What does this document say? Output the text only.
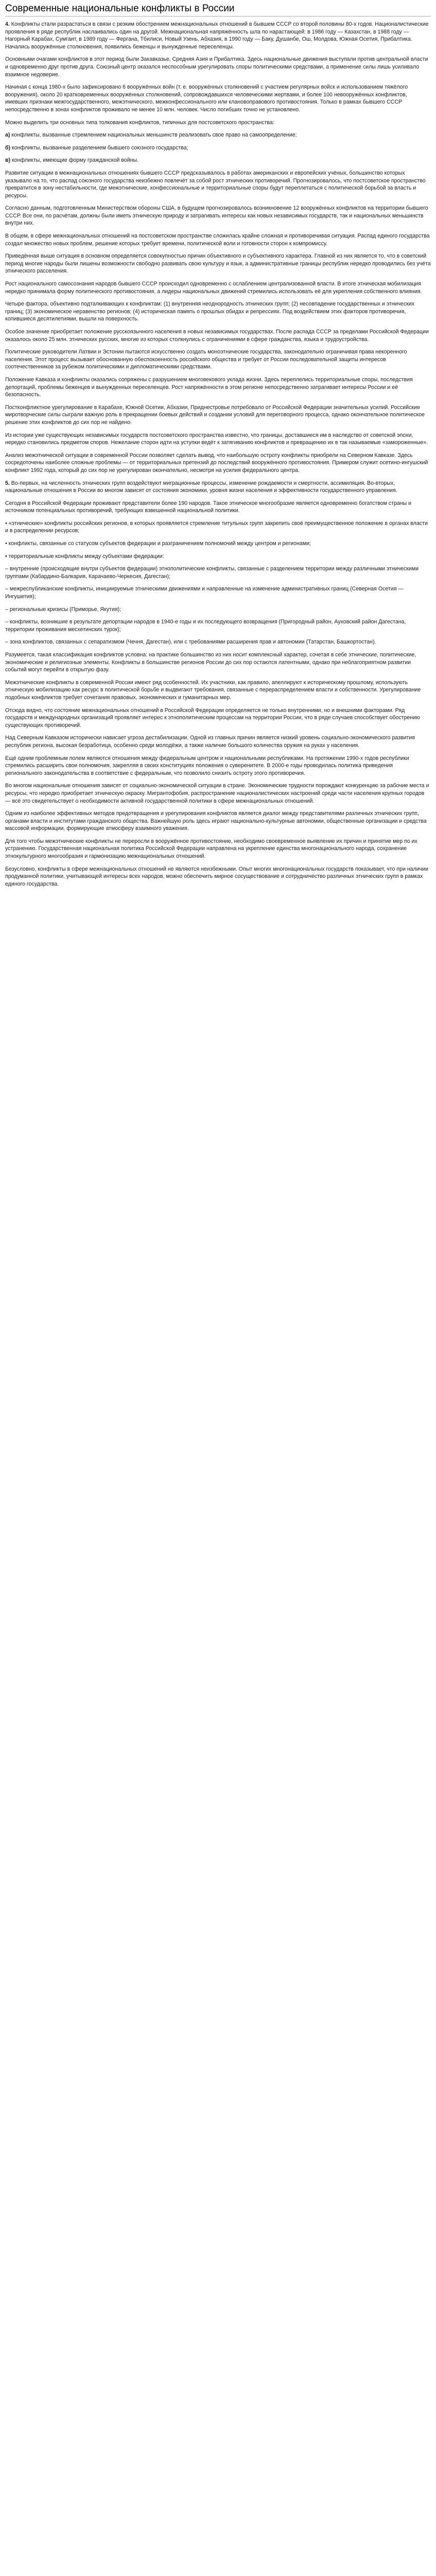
Современные национальные конфликты в России

4. Конфликты стали разрастаться в связи с резким обострением межнациональных отношений в бывшем СССР со второй половины 80-х годов. Националистические проявления в ряде республик наслаивались один на другой. Межнациональная напряжённость шла по нарастающей: в 1986 году — Казахстан, в 1988 году — Нагорный Карабах, Сумгаит, в 1989 году — Фергана, Тбилиси, Новый Узень, Абхазия, в 1990 году — Баку, Душанбе, Ош, Молдова, Южная Осетия, Прибалтика. Начались вооружённые столкновения, появились беженцы и вынужденные переселенцы.

Основными очагами конфликтов в этот период были Закавказье, Средняя Азия и Прибалтика. Здесь национальные движения выступали против центральной власти и одновременно друг против друга. Союзный центр оказался неспособным урегулировать споры политическими средствами, а применение силы лишь усиливало взаимное недоверие.

Начиная с конца 1980-х было зафиксировано 6 вооружённых войн (т. е. вооружённых столкновений с участием регулярных войск и использованием тяжёлого вооружения), около 20 кратковременных вооружённых столкновений, сопровождавшихся человеческими жертвами, и более 100 невооружённых конфликтов, имевших признаки межгосударственного, межэтнического, межконфессионального или клановоправового противостояния. Только в рамках бывшего СССР непосредственно в зонах конфликтов проживало не менее 10 млн. человек. Число погибших точно не установлено.

Можно выделить три основных типа толкования конфликтов, типичных для постсоветского пространства:

а) конфликты, вызванные стремлением национальных меньшинств реализовать свое право на самоопределение;

б) конфликты, вызванные разделением бывшего союзного государства;

в) конфликты, имеющие форму гражданской войны.

Развитие ситуации в межнациональных отношениях бывшего СССР предсказывалось в работах американских и европейских учёных, большинство которых указывало на то, что распад союзного государства неизбежно повлечёт за собой рост этнических противоречий. Прогнозировалось, что постсоветское пространство превратится в зону нестабильности, где межэтнические, конфессиональные и территориальные споры будут переплетаться с политической борьбой за власть и ресурсы.

Согласно данным, подготовленным Министерством обороны США, в будущем прогнозировалось возникновение 12 вооружённых конфликтов на территории бывшего СССР. Все они, по расчётам, должны были иметь этническую природу и затрагивать интересы как новых независимых государств, так и национальных меньшинств внутри них.

В общем, в сфере межнациональных отношений на постсоветском пространстве сложилась крайне сложная и противоречивая ситуация. Распад единого государства создал множество новых проблем, решение которых требует времени, политической воли и готовности сторон к компромиссу.

Приведённая выше ситуация в основном определяется совокупностью причин объективного и субъективного характера. Главной из них является то, что в советский период многие народы были лишены возможности свободно развивать свою культуру и язык, а административные границы республик нередко проводились без учёта этнического расселения.

Рост национального самосознания народов бывшего СССР происходил одновременно с ослаблением централизованной власти. В итоге этническая мобилизация нередко принимала форму политического противостояния, а лидеры национальных движений стремились использовать её для укрепления собственного влияния.

Четыре фактора, объективно подталкивающих к конфликтам: (1) внутренняя неоднородность этнических групп; (2) несовпадение государственных и этнических границ; (3) экономическое неравенство регионов; (4) историческая память о прошлых обидах и репрессиях. Под воздействием этих факторов противоречия, копившиеся десятилетиями, вышли на поверхность.

Особое значение приобретает положение русскоязычного населения в новых независимых государствах. После распада СССР за пределами Российской Федерации оказалось около 25 млн. этнических русских, многие из которых столкнулись с ограничениями в сфере гражданства, языка и трудоустройства.

Политические руководители Латвии и Эстонии пытаются искусственно создать моноэтнические государства, законодательно ограничивая права некоренного населения. Этот процесс вызывает обоснованную обеспокоенность российского общества и требует от России последовательной защиты интересов соотечественников за рубежом политическими и дипломатическими средствами.

Положение Кавказа и конфликты оказались сопряжены с разрушением многовекового уклада жизни. Здесь переплелись территориальные споры, последствия депортаций, проблемы беженцев и вынужденных переселенцев. Рост напряжённости в этом регионе непосредственно затрагивает интересы России и её безопасность.

Постконфликтное урегулирование в Карабахе, Южной Осетии, Абхазии, Приднестровье потребовало от Российской Федерации значительных усилий. Российские миротворческие силы сыграли важную роль в прекращении боевых действий и создании условий для переговорного процесса, однако окончательное политическое решение этих конфликтов до сих пор не найдено.

Из истории уже существующих независимых государств постсоветского пространства известно, что границы, доставшиеся им в наследство от советской эпохи, нередко становились предметом споров. Нежелание сторон идти на уступки ведёт к затягиванию конфликтов и превращению их в так называемые «замороженные».

Анализ межэтнической ситуации в современной России позволяет сделать вывод, что наибольшую остроту конфликты приобрели на Северном Кавказе. Здесь сосредоточены наиболее сложные проблемы — от территориальных претензий до последствий вооружённого противостояния. Примером служит осетино-ингушский конфликт 1992 года, который до сих пор не урегулирован окончательно, несмотря на усилия федерального центра.

5. Во-первых, на численность этнических групп воздействуют миграционные процессы, изменение рождаемости и смертности, ассимиляция. Во-вторых, национальные отношения в России во многом зависят от состояния экономики, уровня жизни населения и эффективности государственного управления.

Сегодня в Российской Федерации проживают представители более 190 народов. Такое этническое многообразие является одновременно богатством страны и источником потенциальных противоречий, требующих взвешенной национальной политики.

• «этнические» конфликты российских регионов, в которых проявляется стремление титульных групп закрепить своё преимущественное положение в органах власти и в распределении ресурсов;

• конфликты, связанные со статусом субъектов федерации и разграничением полномочий между центром и регионами;

• территориальные конфликты между субъектами федерации:

– внутренние (происходящие внутри субъектов федерации) этнополитические конфликты, связанные с разделением территории между различными этническими группами (Кабардино-Балкария, Карачаево-Черкесия, Дагестан);

– межреспубликанские конфликты, инициируемые этническими движениями и направленные на изменение административных границ (Северная Осетия — Ингушетия);

– региональные кризисы (Приморье, Якутия);

– конфликты, возникшие в результате депортации народов в 1940-е годы и их последующего возвращения (Пригородный район, Ауховский район Дагестана, территории проживания месхетинских турок);

– зона конфликтов, связанных с сепаратизмом (Чечня, Дагестан), или с требованиями расширения прав и автономии (Татарстан, Башкортостан).

Разумеется, такая классификация конфликтов условна: на практике большинство из них носит комплексный характер, сочетая в себе этнические, политические, экономические и религиозные элементы. Конфликты в большинстве регионов России до сих пор остаются латентными, однако при неблагоприятном развитии событий могут перейти в открытую фазу.

Межэтнические конфликты в современной России имеют ряд особенностей. Их участники, как правило, апеллируют к историческому прошлому, использують этническую мобилизацию как ресурс в политической борьбе и выдвигают требования, связанные с перераспределением власти и собственности. Урегулирование подобных конфликтов требует сочетания правовых, экономических и гуманитарных мер.

Отсюда видно, что состояние межнациональных отношений в Российской Федерации определяется не только внутренними, но и внешними факторами. Ряд государств и международных организаций проявляет интерес к этнополитическим процессам на территории России, что в ряде случаев способствует обострению существующих противоречий.

Над Северным Кавказом исторически нависает угроза дестабилизации. Одной из главных причин является низкий уровень социально-экономического развития республик региона, высокая безработица, особенно среди молодёжи, а также наличие большого количества оружия на руках у населения.

Ещё одним проблемным полем являются отношения между федеральным центром и национальными республиками. На протяжении 1990-х годов республики стремились расширить свои полномочия, закрепляя в своих конституциях положения о суверенитете. В 2000-е годы проводилась политика приведения регионального законодательства в соответствие с федеральным, что позволило снизить остроту этого противоречия.

Во многом национальные отношения зависят от социально-экономической ситуации в стране. Экономические трудности порождают конкуренцию за рабочие места и ресурсы, что нередко приобретает этническую окраску. Мигрантофобия, распространение националистических настроений среди части населения крупных городов — всё это свидетельствует о необходимости активной государственной политики в сфере межнациональных отношений.

Одним из наиболее эффективных методов предотвращения и урегулирования конфликтов является диалог между представителями различных этнических групп, органами власти и институтами гражданского общества. Важнейшую роль здесь играют национально-культурные автономии, общественные организации и средства массовой информации, формирующие атмосферу взаимного уважения.

Для того чтобы межэтнические конфликты не переросли в вооружённое противостояние, необходимо своевременное выявление их причин и принятие мер по их устранению. Государственная национальная политика Российской Федерации направлена на укрепление единства многонационального народа, сохранение этнокультурного многообразия и гармонизацию межнациональных отношений.

Безусловно, конфликты в сфере межнациональных отношений не являются неизбежными. Опыт многих многонациональных государств показывает, что при наличии продуманной политики, учитывающей интересы всех народов, можно обеспечить мирное сосуществование и сотрудничество различных этнических групп в рамках единого государства.
